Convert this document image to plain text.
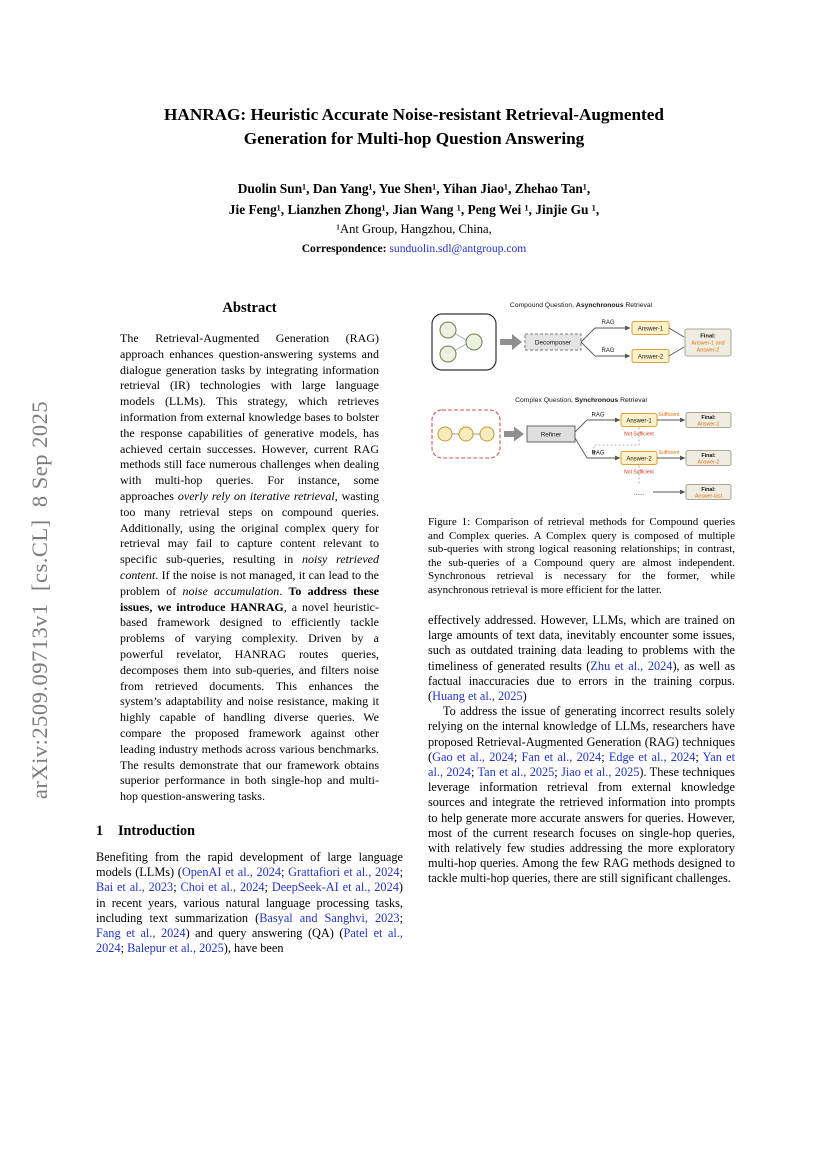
arXiv:2509.09713v1  [cs.CL]  8 Sep 2025
HANRAG: Heuristic Accurate Noise-resistant Retrieval-Augmented
Generation for Multi-hop Question Answering
Duolin Sun¹, Dan Yang¹, Yue Shen¹, Yihan Jiao¹, Zhehao Tan¹,
Jie Feng¹, Lianzhen Zhong¹, Jian Wang ¹, Peng Wei ¹, Jinjie Gu ¹,
¹Ant Group, Hangzhou, China,
Correspondence: sunduolin.sdl@antgroup.com
Abstract

The Retrieval-Augmented Generation (RAG) approach enhances question-answering systems and dialogue generation tasks by integrating information retrieval (IR) technologies with large language models (LLMs). This strategy, which retrieves information from external knowledge bases to bolster the response capabilities of generative models, has achieved certain successes. However, current RAG methods still face numerous challenges when dealing with multi-hop queries. For instance, some approaches overly rely on iterative retrieval, wasting too many retrieval steps on compound queries. Additionally, using the original complex query for retrieval may fail to capture content relevant to specific sub-queries, resulting in noisy retrieved content. If the noise is not managed, it can lead to the problem of noise accumulation. To address these issues, we introduce HANRAG, a novel heuristic-based framework designed to efficiently tackle problems of varying complexity. Driven by a powerful revelator, HANRAG routes queries, decomposes them into sub-queries, and filters noise from retrieved documents. This enhances the system’s adaptability and noise resistance, making it highly capable of handling diverse queries. We compare the proposed framework against other leading industry methods across various benchmarks. The results demonstrate that our framework obtains superior performance in both single-hop and multi-hop question-answering tasks.

1 Introduction

Benefiting from the rapid development of large language models (LLMs) (OpenAI et al., 2024; Grattafiori et al., 2024; Bai et al., 2023; Choi et al., 2024; DeepSeek-AI et al., 2024) in recent years, various natural language processing tasks, including text summarization (Basyal and Sanghvi, 2023; Fang et al., 2024) and query answering (QA) (Patel et al., 2024; Balepur et al., 2025), have been

Compound Question, Asynchronous Retrieval
Decomposer
RAG
Answer-1
RAG
Answer-2
Final:
Answer-1 and
Answer-2
Complex Question, Synchronous Retrieval
Refiner
RAG
Answer-1
Sufficient	Final:
Answer-1
Not Sufficient
RAG
Answer-2
Sufficient	Final:
Answer-2
Not Sufficient
......
Final:
Answer-last
Figure 1: Comparison of retrieval methods for Compound queries and Complex queries. A Complex query is composed of multiple sub-queries with strong logical reasoning relationships; in contrast, the sub-queries of a Compound query are almost independent. Synchronous retrieval is necessary for the former, while asynchronous retrieval is more efficient for the latter.

effectively addressed. However, LLMs, which are trained on large amounts of text data, inevitably encounter some issues, such as outdated training data leading to problems with the timeliness of generated results (Zhu et al., 2024), as well as factual inaccuracies due to errors in the training corpus. (Huang et al., 2025)

To address the issue of generating incorrect results solely relying on the internal knowledge of LLMs, researchers have proposed Retrieval-Augmented Generation (RAG) techniques (Gao et al., 2024; Fan et al., 2024; Edge et al., 2024; Yan et al., 2024; Tan et al., 2025; Jiao et al., 2025). These techniques leverage information retrieval from external knowledge sources and integrate the retrieved information into prompts to help generate more accurate answers for queries. However, most of the current research focuses on single-hop queries, with relatively few studies addressing the more exploratory multi-hop queries. Among the few RAG methods designed to tackle multi-hop queries, there are still significant challenges.
